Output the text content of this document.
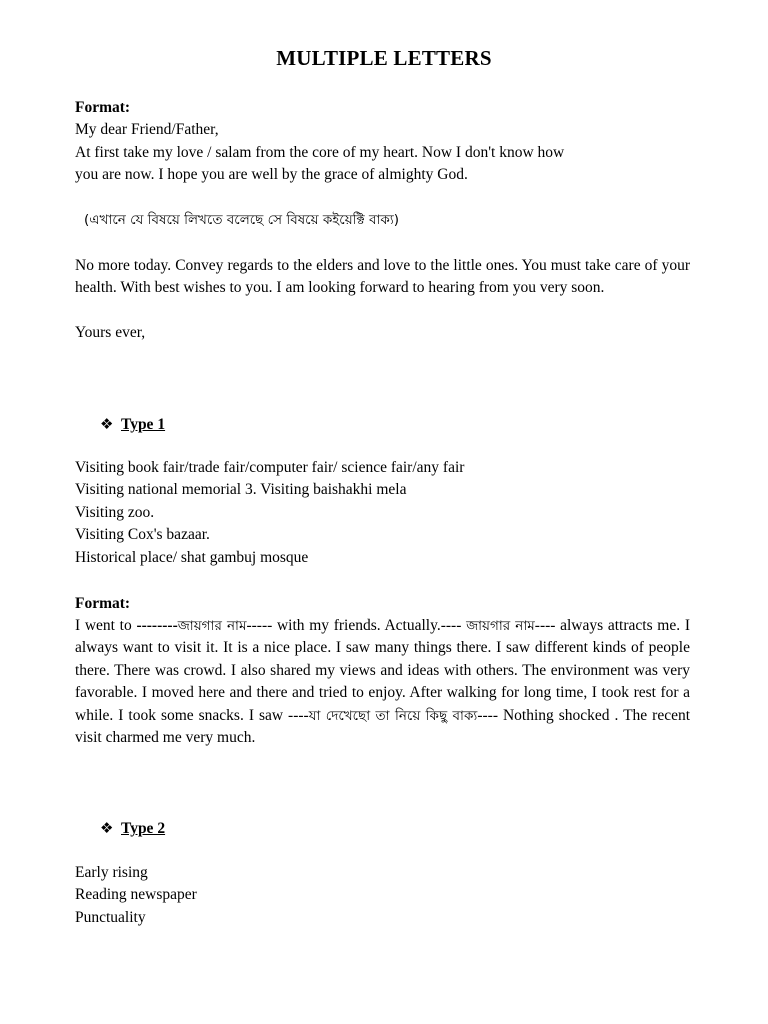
MULTIPLE LETTERS
Format:
My dear Friend/Father,
At first take my love / salam from the core of my heart. Now I don't know how
you are now. I hope you are well by the grace of almighty God.
(এখানে যে বিষয়ে লিখতে বলেছে সে বিষয়ে কইয়েক্টি বাক্য)
No more today. Convey regards to the elders and love to the little ones. You must take care of your health. With best wishes to you. I am looking forward to hearing from you very soon.
Yours ever,
❖ Type 1
Visiting book fair/trade fair/computer fair/ science fair/any fair
Visiting national memorial 3. Visiting baishakhi mela
Visiting zoo.
Visiting Cox's bazaar.
Historical place/ shat gambuj mosque
Format:
I went to --------জায়গার নাম----- with my friends. Actually.---- জায়গার নাম---- always attracts me. I always want to visit it. It is a nice place. I saw many things there. I saw different kinds of people there. There was crowd. I also shared my views and ideas with others. The environment was very favorable. I moved here and there and tried to enjoy. After walking for long time, I took rest for a while. I took some snacks. I saw ----যা দেখেছো তা নিয়ে কিছু বাক্য---- Nothing shocked . The recent visit charmed me very much.
❖ Type 2
Early rising
Reading newspaper
Punctuality
